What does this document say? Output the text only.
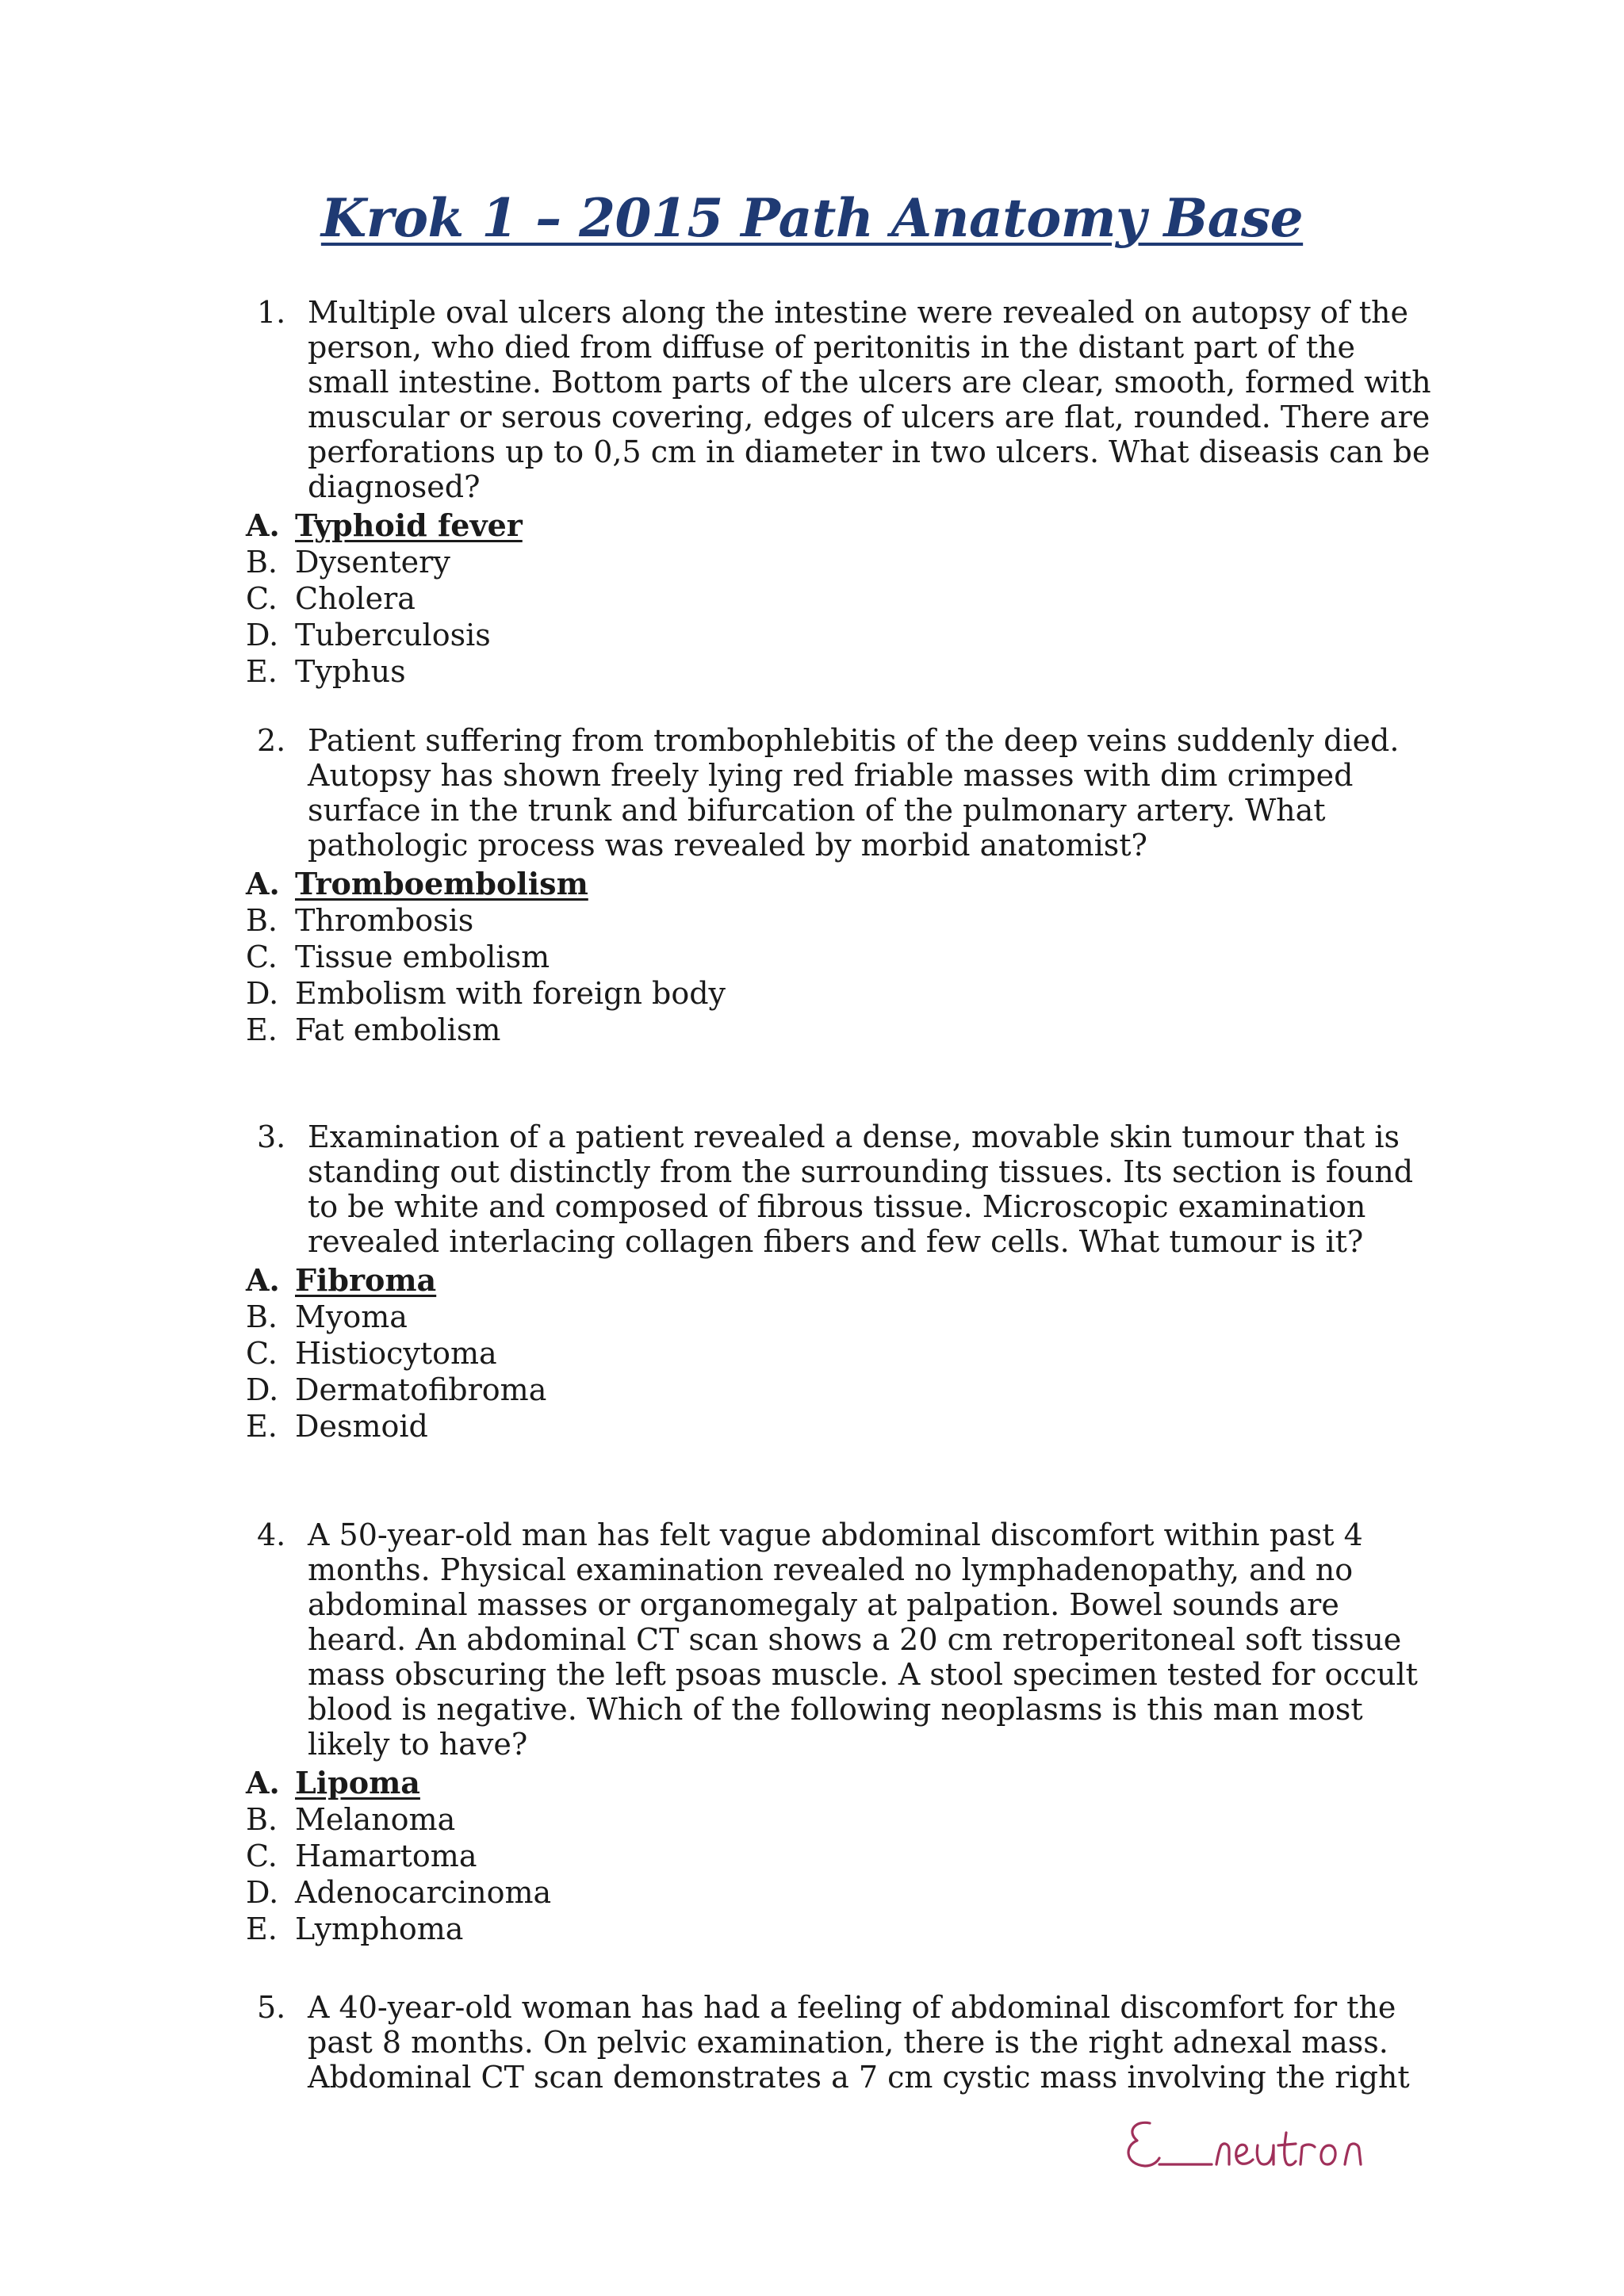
Krok 1 – 2015 Path Anatomy Base
1. Multiple oval ulcers along the intestine were revealed on autopsy of the person, who died from diffuse of peritonitis in the distant part of the small intestine. Bottom parts of the ulcers are clear, smooth, formed with muscular or serous covering, edges of ulcers are flat, rounded. There are perforations up to 0,5 cm in diameter in two ulcers. What diseasis can be diagnosed?
A. Typhoid fever
B. Dysentery
C. Cholera
D. Tuberculosis
E. Typhus
2. Patient suffering from trombophlebitis of the deep veins suddenly died. Autopsy has shown freely lying red friable masses with dim crimped surface in the trunk and bifurcation of the pulmonary artery. What pathologic process was revealed by morbid anatomist?
A. Tromboembolism
B. Thrombosis
C. Tissue embolism
D. Embolism with foreign body
E. Fat embolism
3. Examination of a patient revealed a dense, movable skin tumour that is standing out distinctly from the surrounding tissues. Its section is found to be white and composed of fibrous tissue. Microscopic examination revealed interlacing collagen fibers and few cells. What tumour is it?
A. Fibroma
B. Myoma
C. Histiocytoma
D. Dermatofibroma
E. Desmoid
4. A 50-year-old man has felt vague abdominal discomfort within past 4 months. Physical examination revealed no lymphadenopathy, and no abdominal masses or organomegaly at palpation. Bowel sounds are heard. An abdominal CT scan shows a 20 cm retroperitoneal soft tissue mass obscuring the left psoas muscle. A stool specimen tested for occult blood is negative. Which of the following neoplasms is this man most likely to have?
A. Lipoma
B. Melanoma
C. Hamartoma
D. Adenocarcinoma
E. Lymphoma
5. A 40-year-old woman has had a feeling of abdominal discomfort for the past 8 months. On pelvic examination, there is the right adnexal mass. Abdominal CT scan demonstrates a 7 cm cystic mass involving the right
